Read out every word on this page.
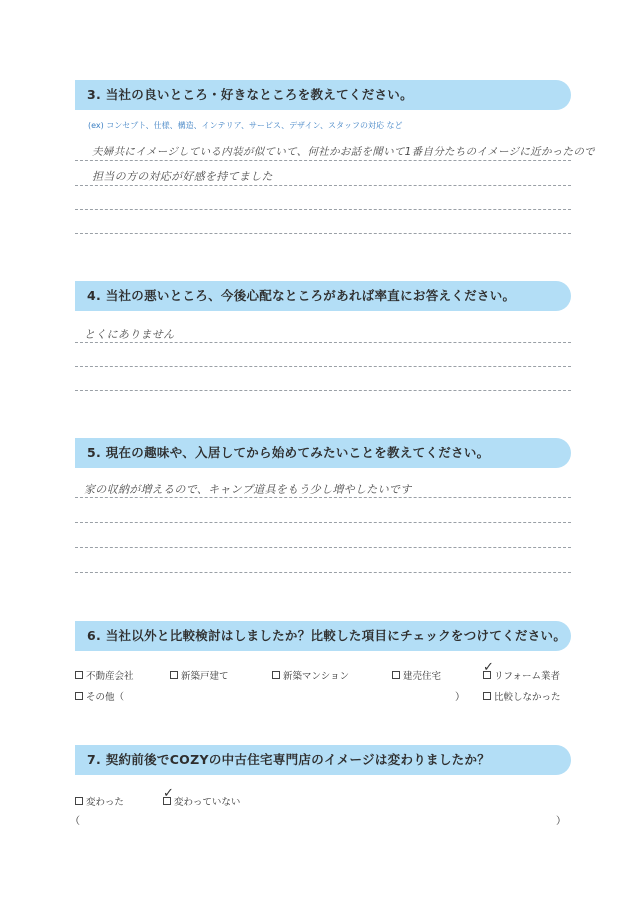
3. 当社の良いところ・好きなところを教えてください。
(ex) コンセプト、仕様、構造、インテリア、サービス、デザイン、スタッフの対応 など
夫婦共にイメージしている内装が似ていて、何社かお話を聞いて1番自分たちのイメージに近かったので
担当の方の対応が好感を持てました
4. 当社の悪いところ、今後心配なところがあれば率直にお答えください。
とくにありません
5. 現在の趣味や、入居してから始めてみたいことを教えてください。
家の収納が増えるので、キャンプ道具をもう少し増やしたいです
6. 当社以外と比較検討はしましたか？比較した項目にチェックをつけてください。
不動産会社	新築戸建て	新築マンション	建売住宅
✓
リフォーム業者
その他（	）	比較しなかった
7. 契約前後でCOZYの中古住宅専門店のイメージは変わりましたか？
変わった
✓
変わっていない
（	）
